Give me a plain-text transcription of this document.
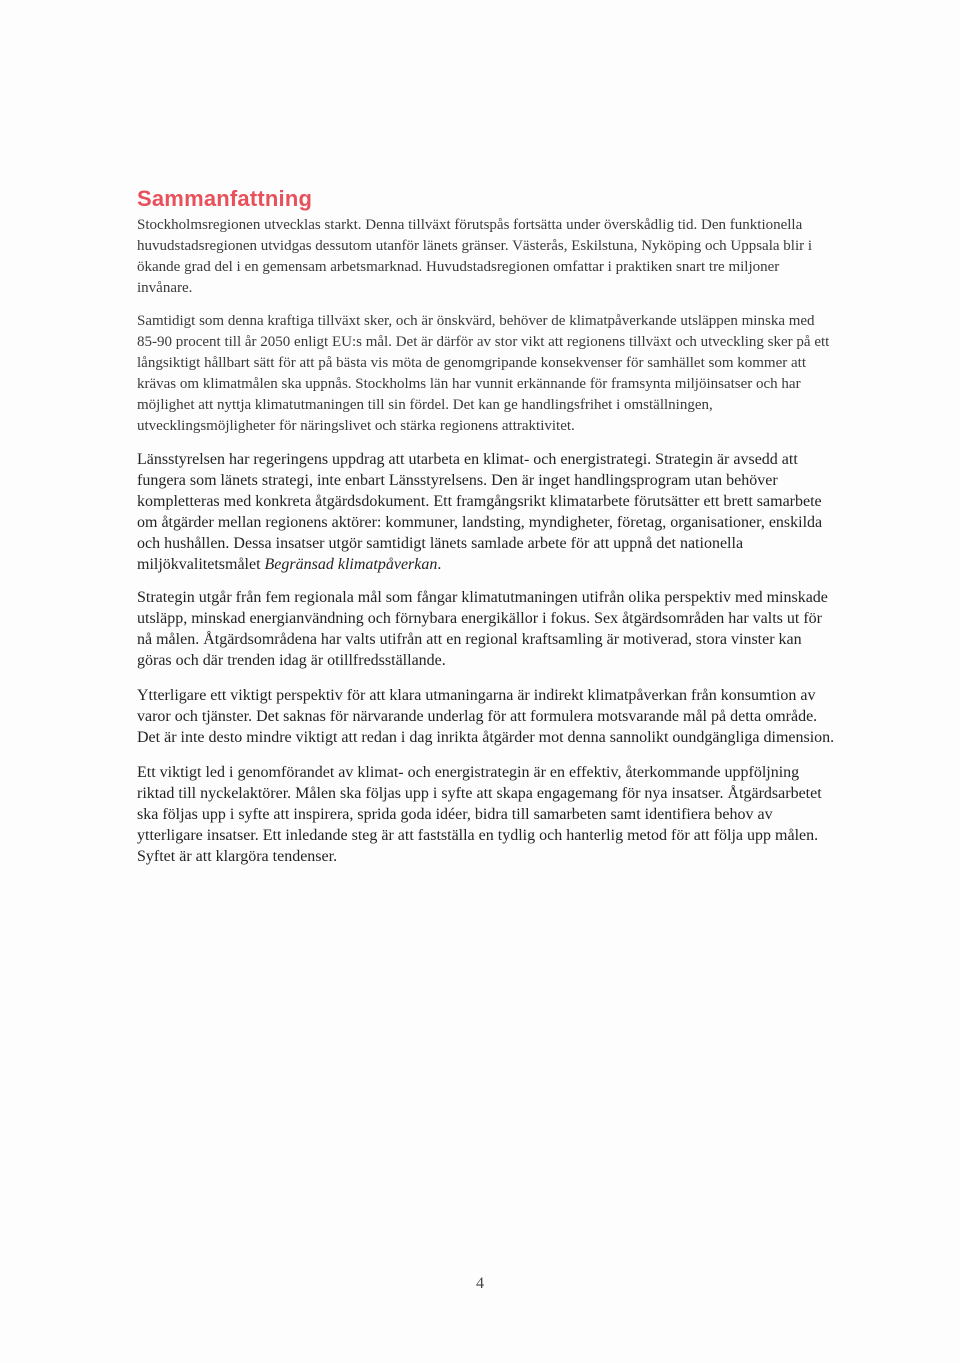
Sammanfattning

Stockholmsregionen utvecklas starkt. Denna tillväxt förutspås fortsätta under överskådlig tid. Den funktionella huvudstadsregionen utvidgas dessutom utanför länets gränser. Västerås, Eskilstuna, Nyköping och Uppsala blir i ökande grad del i en gemensam arbetsmarknad. Huvudstadsregionen omfattar i praktiken snart tre miljoner invånare.

Samtidigt som denna kraftiga tillväxt sker, och är önskvärd, behöver de klimatpåverkande utsläppen minska med 85-90 procent till år 2050 enligt EU:s mål. Det är därför av stor vikt att regionens tillväxt och utveckling sker på ett långsiktigt hållbart sätt för att på bästa vis möta de genomgripande konsekvenser för samhället som kommer att krävas om klimatmålen ska uppnås. Stockholms län har vunnit erkännande för framsynta miljöinsatser och har möjlighet att nyttja klimatutmaningen till sin fördel. Det kan ge handlingsfrihet i omställningen, utvecklingsmöjligheter för näringslivet och stärka regionens attraktivitet.

Länsstyrelsen har regeringens uppdrag att utarbeta en klimat- och energistrategi. Strategin är avsedd att fungera som länets strategi, inte enbart Länsstyrelsens. Den är inget handlingsprogram utan behöver kompletteras med konkreta åtgärdsdokument. Ett framgångsrikt klimatarbete förutsätter ett brett samarbete om åtgärder mellan regionens aktörer: kommuner, landsting, myndigheter, företag, organisationer, enskilda och hushållen. Dessa insatser utgör samtidigt länets samlade arbete för att uppnå det nationella miljökvalitetsmålet Begränsad klimatpåverkan.

Strategin utgår från fem regionala mål som fångar klimatutmaningen utifrån olika perspektiv med minskade utsläpp, minskad energianvändning och förnybara energikällor i fokus. Sex åtgärdsområden har valts ut för nå målen. Åtgärdsområdena har valts utifrån att en regional kraftsamling är motiverad, stora vinster kan göras och där trenden idag är otillfredsställande.

Ytterligare ett viktigt perspektiv för att klara utmaningarna är indirekt klimatpåverkan från konsumtion av varor och tjänster. Det saknas för närvarande underlag för att formulera motsvarande mål på detta område. Det är inte desto mindre viktigt att redan i dag inrikta åtgärder mot denna sannolikt oundgängliga dimension.

Ett viktigt led i genomförandet av klimat- och energistrategin är en effektiv, återkommande uppföljning riktad till nyckelaktörer. Målen ska följas upp i syfte att skapa engagemang för nya insatser. Åtgärdsarbetet ska följas upp i syfte att inspirera, sprida goda idéer, bidra till samarbeten samt identifiera behov av ytterligare insatser. Ett inledande steg är att fastställa en tydlig och hanterlig metod för att följa upp målen. Syftet är att klargöra tendenser.

4
